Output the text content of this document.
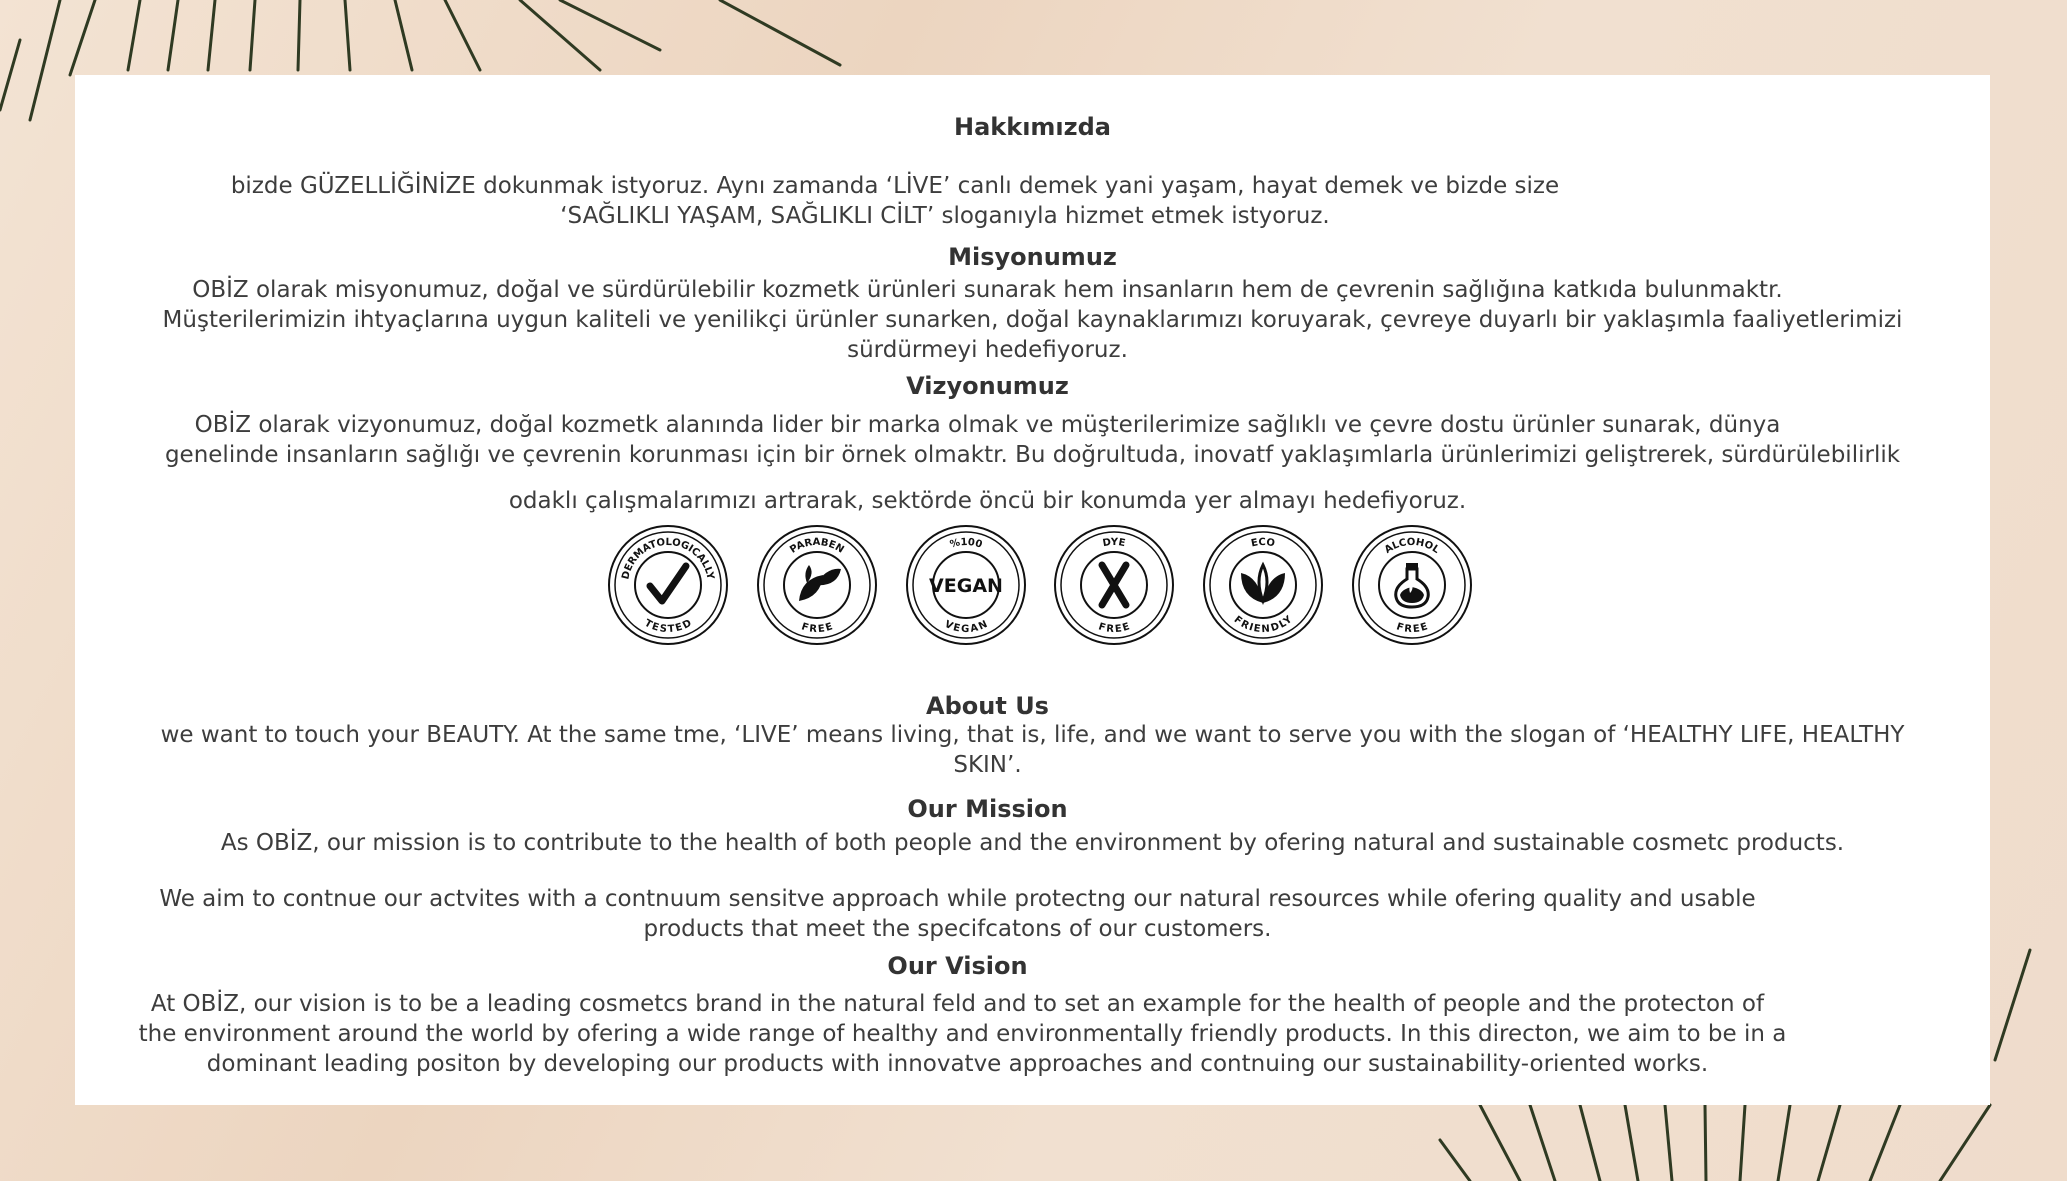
Hakkımızda

bizde GÜZELLİĞİNİZE dokunmak istyoruz. Aynı zamanda ‘LİVE’ canlı demek yani yaşam, hayat demek ve bizde size

‘SAĞLIKLI YAŞAM, SAĞLIKLI CİLT’ sloganıyla hizmet etmek istyoruz.

Misyonumuz

OBİZ olarak misyonumuz, doğal ve sürdürülebilir kozmetk ürünleri sunarak hem insanların hem de çevrenin sağlığına katkıda bulunmaktr.

Müşterilerimizin ihtyaçlarına uygun kaliteli ve yenilikçi ürünler sunarken, doğal kaynaklarımızı koruyarak, çevreye duyarlı bir yaklaşımla faaliyetlerimizi

sürdürmeyi hedefiyoruz.

Vizyonumuz

OBİZ olarak vizyonumuz, doğal kozmetk alanında lider bir marka olmak ve müşterilerimize sağlıklı ve çevre dostu ürünler sunarak, dünya

genelinde insanların sağlığı ve çevrenin korunması için bir örnek olmaktr. Bu doğrultuda, inovatf yaklaşımlarla ürünlerimizi geliştrerek, sürdürülebilirlik

odaklı çalışmalarımızı artrarak, sektörde öncü bir konumda yer almayı hedefiyoruz.

DERMATOLOGICALLY
TESTED
PARABEN
FREE
%100
VEGAN
VEGAN
DYE
FREE
ECO
FRIENDLY
ALCOHOL
FREE

About Us

we want to touch your BEAUTY. At the same tme, ‘LIVE’ means living, that is, life, and we want to serve you with the slogan of ‘HEALTHY LIFE, HEALTHY

SKIN’.

Our Mission

As OBİZ, our mission is to contribute to the health of both people and the environment by ofering natural and sustainable cosmetc products.

We aim to contnue our actvites with a contnuum sensitve approach while protectng our natural resources while ofering quality and usable

products that meet the specifcatons of our customers.

Our Vision

At OBİZ, our vision is to be a leading cosmetcs brand in the natural feld and to set an example for the health of people and the protecton of

the environment around the world by ofering a wide range of healthy and environmentally friendly products. In this directon, we aim to be in a

dominant leading positon by developing our products with innovatve approaches and contnuing our sustainability-oriented works.
